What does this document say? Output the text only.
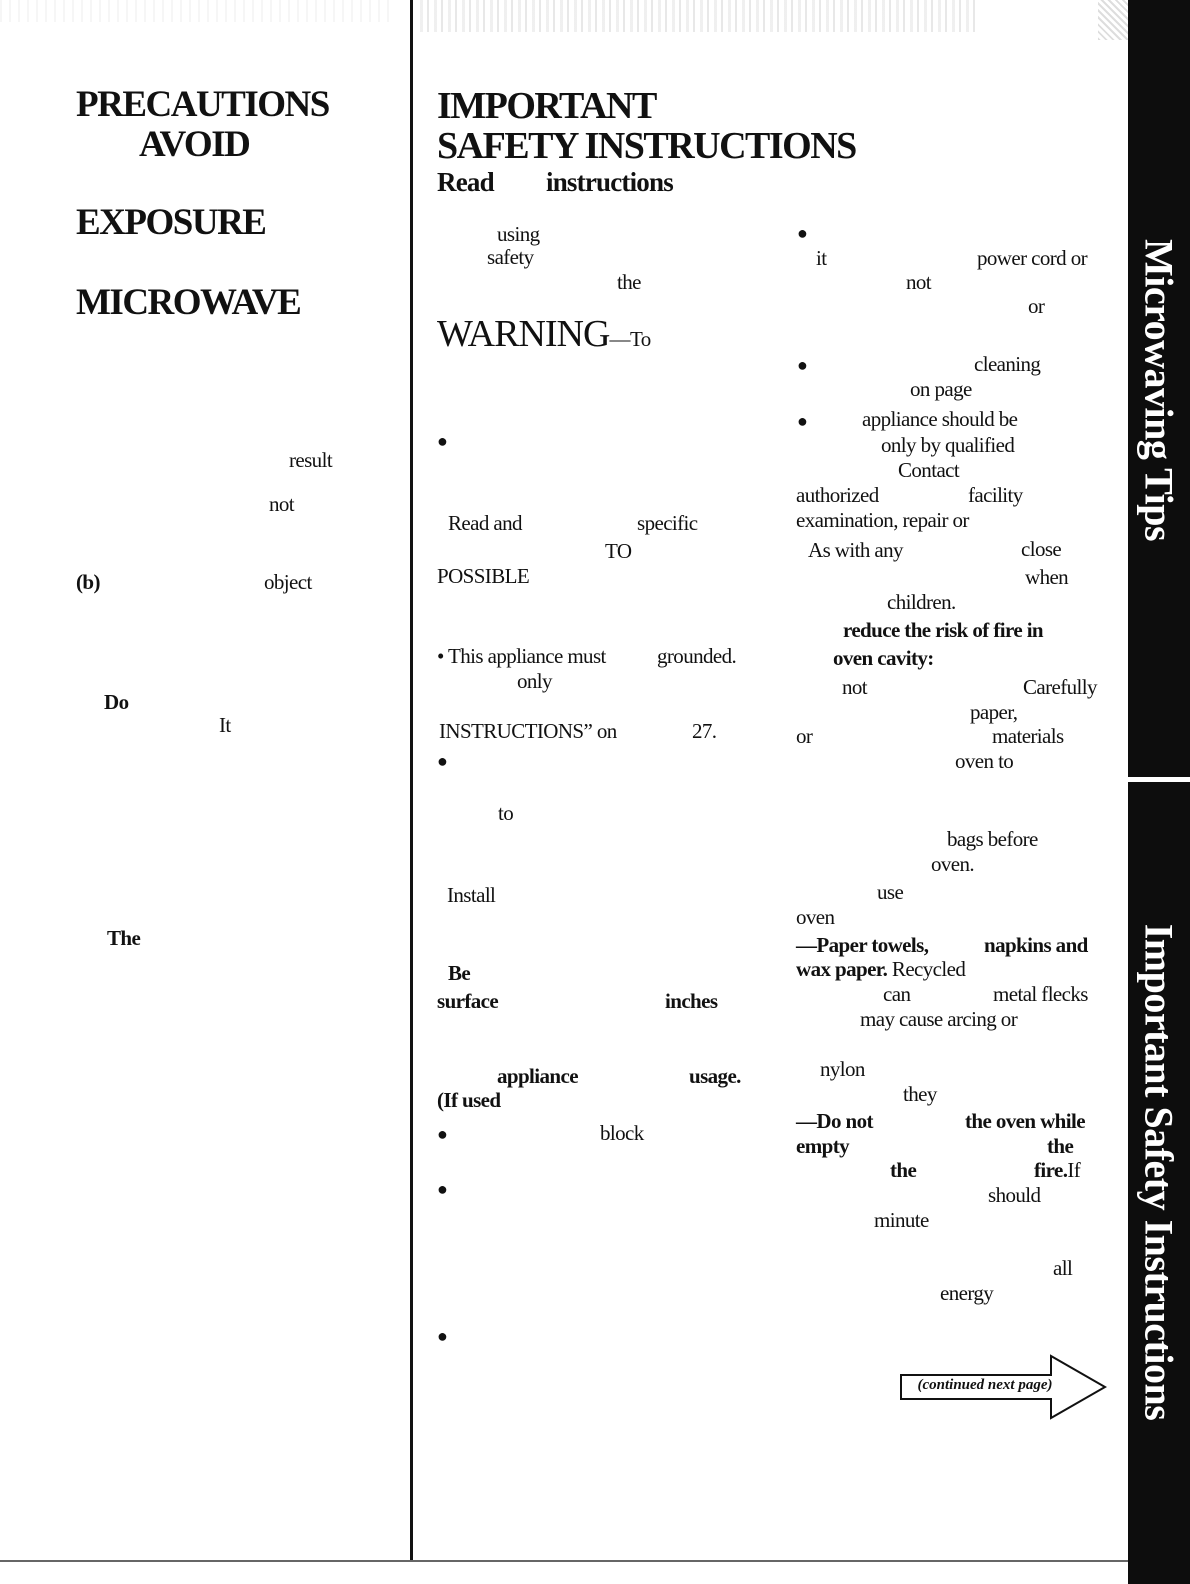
PRECAUTIONS
AVOID
EXPOSURE
MICROWAVE
result
not
(b)	object
Do
It
The
IMPORTANT
SAFETY INSTRUCTIONS
Read instructions
using
safety
the
WARNING—To
●
Read and	specific
TO
POSSIBLE
• This appliance must grounded.
only
INSTRUCTIONS” on	27.
●
to
Install
Be
surface	inches
appliance	usage.
(If used
●	block
●
●
●
it	power cord or
not
or
●	cleaning
on page
●	appliance should be
only by qualified
Contact
authorized	facility
examination, repair or
As with any	close
when
children.
reduce the risk of fire in
oven cavity:
not	Carefully
paper,
or	materials
oven to
bags before
oven.
use
oven
—Paper towels,	napkins and
wax paper. Recycled
can	metal flecks
may cause arcing or
nylon
they
—Do not	the oven while
empty	the
the	fire.If
should
minute
all
energy
(continued next page)
Microwaving Tips
Important Safety Instructions
